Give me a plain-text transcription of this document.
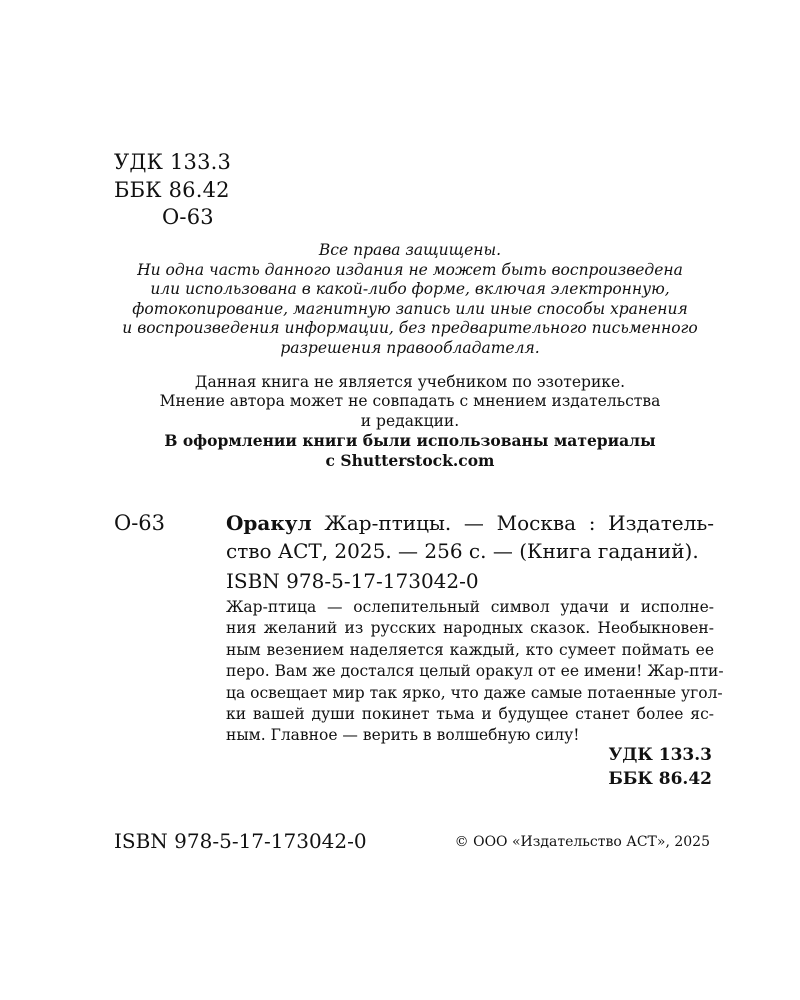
УДК 133.3
ББК 86.42
О-63
Все права защищены.
Ни одна часть данного издания не может быть воспроизведена
или использована в какой-либо форме, включая электронную,
фотокопирование, магнитную запись или иные способы хранения
и воспроизведения информации, без предварительного письменного
разрешения правообладателя.
Данная книга не является учебником по эзотерике.
Мнение автора может не совпадать с мнением издательства
и редакции.
В оформлении книги были использованы материалы
с Shutterstock.com
О-63	Оракул Жар-птицы. — Москва : Издатель-
ство АСТ, 2025. — 256 с. — (Книга гаданий).
ISBN 978-5-17-173042-0
Жар-птица — ослепительный символ удачи и исполне-
ния желаний из русских народных сказок. Необыкновен-
ным везением наделяется каждый, кто сумеет поймать ее
перо. Вам же достался целый оракул от ее имени! Жар-пти-
ца освещает мир так ярко, что даже самые потаенные угол-
ки вашей души покинет тьма и будущее станет более яс-
ным. Главное — верить в волшебную силу!
УДК 133.3
ББК 86.42
ISBN 978-5-17-173042-0	© ООО «Издательство АСТ», 2025
